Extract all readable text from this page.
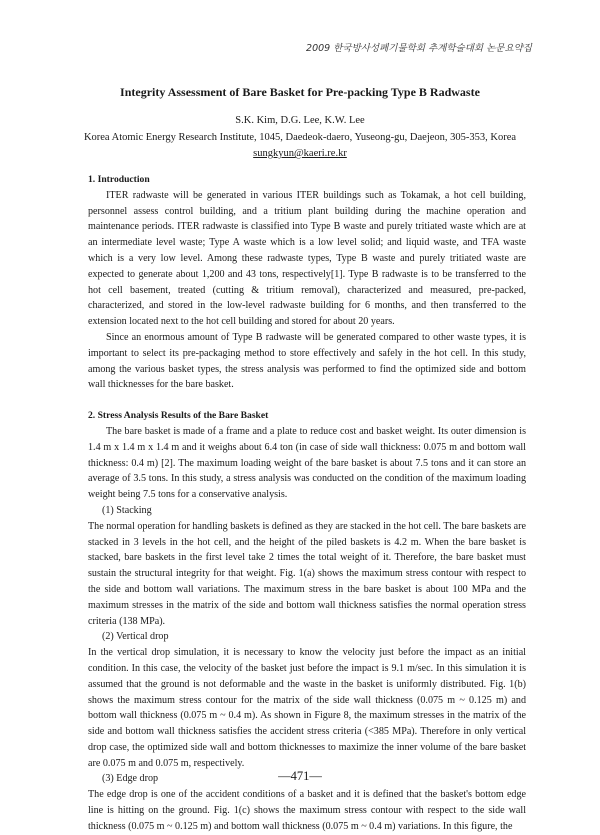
2009 한국방사성폐기물학회 추계학술대회 논문요약집
Integrity Assessment of Bare Basket for Pre-packing Type B Radwaste
S.K. Kim, D.G. Lee, K.W. Lee
Korea Atomic Energy Research Institute, 1045, Daedeok-daero, Yuseong-gu, Daejeon, 305-353, Korea
sungkyun@kaeri.re.kr

1. Introduction

ITER radwaste will be generated in various ITER buildings such as Tokamak, a hot cell building, personnel assess control building, and a tritium plant building during the machine operation and maintenance periods. ITER radwaste is classified into Type B waste and purely tritiated waste which are at an intermediate level waste; Type A waste which is a low level solid; and liquid waste, and TFA waste which is a very low level. Among these radwaste types, Type B waste and purely tritiated waste are expected to generate about 1,200 and 43 tons, respectively[1]. Type B radwaste is to be transferred to the hot cell basement, treated (cutting & tritium removal), characterized and measured, pre-packed, characterized, and stored in the low-level radwaste building for 6 months, and then transferred to the extension located next to the hot cell building and stored for about 20 years.

Since an enormous amount of Type B radwaste will be generated compared to other waste types, it is important to select its pre-packaging method to store effectively and safely in the hot cell. In this study, among the various basket types, the stress analysis was performed to find the optimized side and bottom wall thicknesses for the bare basket.

2. Stress Analysis Results of the Bare Basket

The bare basket is made of a frame and a plate to reduce cost and basket weight. Its outer dimension is 1.4 m x 1.4 m x 1.4 m and it weighs about 6.4 ton (in case of side wall thickness: 0.075 m and bottom wall thickness: 0.4 m) [2]. The maximum loading weight of the bare basket is about 7.5 tons and it can store an average of 3.5 tons. In this study, a stress analysis was conducted on the condition of the maximum loading weight being 7.5 tons for a conservative analysis.

(1) Stacking

The normal operation for handling baskets is defined as they are stacked in the hot cell. The bare baskets are stacked in 3 levels in the hot cell, and the height of the piled baskets is 4.2 m. When the bare basket is stacked, bare baskets in the first level take 2 times the total weight of it. Therefore, the bare basket must sustain the structural integrity for that weight. Fig. 1(a) shows the maximum stress contour with respect to the side and bottom wall variations. The maximum stress in the bare basket is about 100 MPa and the maximum stresses in the matrix of the side and bottom wall thickness satisfies the normal operation stress criteria (138 MPa).

(2) Vertical drop

In the vertical drop simulation, it is necessary to know the velocity just before the impact as an initial condition. In this case, the velocity of the basket just before the impact is 9.1 m/sec. In this simulation it is assumed that the ground is not deformable and the waste in the basket is uniformly distributed. Fig. 1(b) shows the maximum stress contour for the matrix of the side wall thickness (0.075 m ~ 0.125 m) and bottom wall thickness (0.075 m ~ 0.4 m). As shown in Figure 8, the maximum stresses in the matrix of the side and bottom wall thickness satisfies the accident stress criteria (<385 MPa). Therefore in only vertical drop case, the optimized side wall and bottom thicknesses to maximize the inner volume of the bare basket are 0.075 m and 0.075 m, respectively.

(3) Edge drop

The edge drop is one of the accident conditions of a basket and it is defined that the basket's bottom edge line is hitting on the ground. Fig. 1(c) shows the maximum stress contour with respect to the side wall thickness (0.075 m ~ 0.125 m) and bottom wall thickness (0.075 m ~ 0.4 m) variations. In this figure, the

—471—
